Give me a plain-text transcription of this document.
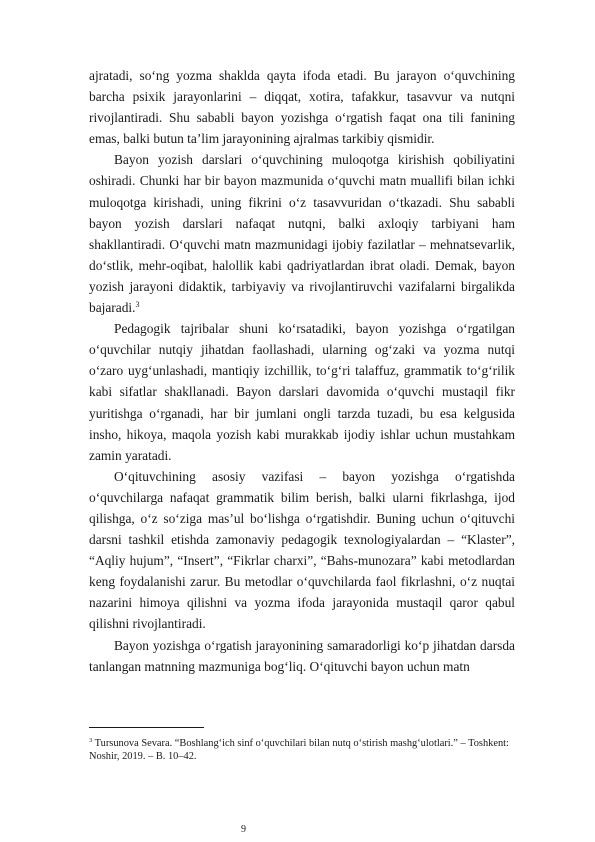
ajratadi, so‘ng yozma shaklda qayta ifoda etadi. Bu jarayon o‘quvchining barcha psixik jarayonlarini – diqqat, xotira, tafakkur, tasavvur va nutqni rivojlantiradi. Shu sababli bayon yozishga o‘rgatish faqat ona tili fanining emas, balki butun ta’lim jarayonining ajralmas tarkibiy qismidir.

Bayon yozish darslari o‘quvchining muloqotga kirishish qobiliyatini oshiradi. Chunki har bir bayon mazmunida o‘quvchi matn muallifi bilan ichki muloqotga kirishadi, uning fikrini o‘z tasavvuridan o‘tkazadi. Shu sababli bayon yozish darslari nafaqat nutqni, balki axloqiy tarbiyani ham shakllantiradi. O‘quvchi matn mazmunidagi ijobiy fazilatlar – mehnatsevarlik, do‘stlik, mehr-oqibat, halollik kabi qadriyatlardan ibrat oladi. Demak, bayon yozish jarayoni didaktik, tarbiyaviy va rivojlantiruvchi vazifalarni birgalikda bajaradi.$^3$

Pedagogik tajribalar shuni ko‘rsatadiki, bayon yozishga o‘rgatilgan o‘quvchilar nutqiy jihatdan faollashadi, ularning og‘zaki va yozma nutqi o‘zaro uyg‘unlashadi, mantiqiy izchillik, to‘g‘ri talaffuz, grammatik to‘g‘rilik kabi sifatlar shakllanadi. Bayon darslari davomida o‘quvchi mustaqil fikr yuritishga o‘rganadi, har bir jumlani ongli tarzda tuzadi, bu esa kelgusida insho, hikoya, maqola yozish kabi murakkab ijodiy ishlar uchun mustahkam zamin yaratadi.

O‘qituvchining asosiy vazifasi – bayon yozishga o‘rgatishda o‘quvchilarga nafaqat grammatik bilim berish, balki ularni fikrlashga, ijod qilishga, o‘z so‘ziga mas’ul bo‘lishga o‘rgatishdir. Buning uchun o‘qituvchi darsni tashkil etishda zamonaviy pedagogik texnologiyalardan – “Klaster”, “Aqliy hujum”, “Insert”, “Fikrlar charxi”, “Bahs-munozara” kabi metodlardan keng foydalanishi zarur. Bu metodlar o‘quvchilarda faol fikrlashni, o‘z nuqtai nazarini himoya qilishni va yozma ifoda jarayonida mustaqil qaror qabul qilishni rivojlantiradi.

Bayon yozishga o‘rgatish jarayonining samaradorligi ko‘p jihatdan darsda tanlangan matnning mazmuniga bog‘liq. O‘qituvchi bayon uchun matn

$^3$ Tursunova Sevara. “Boshlang‘ich sinf o‘quvchilari bilan nutq o‘stirish mashg‘ulotlari.” – Toshkent: Noshir, 2019. – B. 10–42.
9
